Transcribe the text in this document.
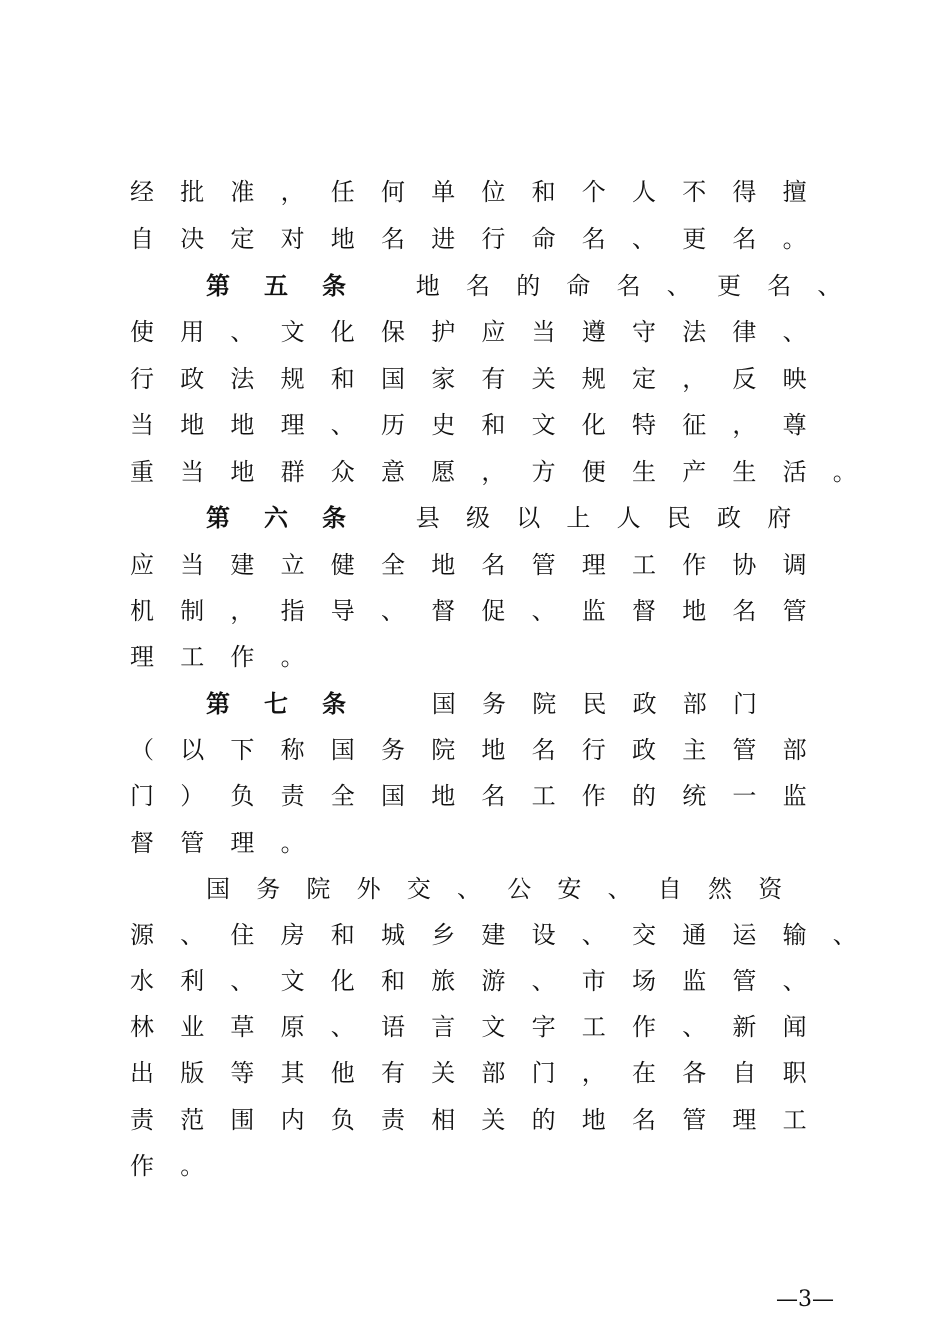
经 批 准 ， 任 何 单 位 和 个 人 不 得 擅
自 决 定 对 地 名 进 行 命 名 、 更 名 。
第 五 条	地 名 的 命 名 、 更 名 、
使 用 、 文 化 保 护 应 当 遵 守 法 律 、
行 政 法 规 和 国 家 有 关 规 定 ， 反 映
当 地 地 理 、 历 史 和 文 化 特 征 ， 尊
重 当 地 群 众 意 愿 ， 方 便 生 产 生 活 。
第 六 条	县 级 以 上 人 民 政 府
应 当 建 立 健 全 地 名 管 理 工 作 协 调
机 制 ， 指 导 、 督 促 、 监 督 地 名 管
理 工 作 。
第 七 条	国 务 院 民 政 部 门
（ 以 下 称 国 务 院 地 名 行 政 主 管 部
门 ） 负 责 全 国 地 名 工 作 的 统 一 监
督 管 理 。
国 务 院 外 交 、 公 安 、 自 然 资
源 、 住 房 和 城 乡 建 设 、 交 通 运 输 、
水 利 、 文 化 和 旅 游 、 市 场 监 管 、
林 业 草 原 、 语 言 文 字 工 作 、 新 闻
出 版 等 其 他 有 关 部 门 ， 在 各 自 职
责 范 围 内 负 责 相 关 的 地 名 管 理 工
作 。
—3—
